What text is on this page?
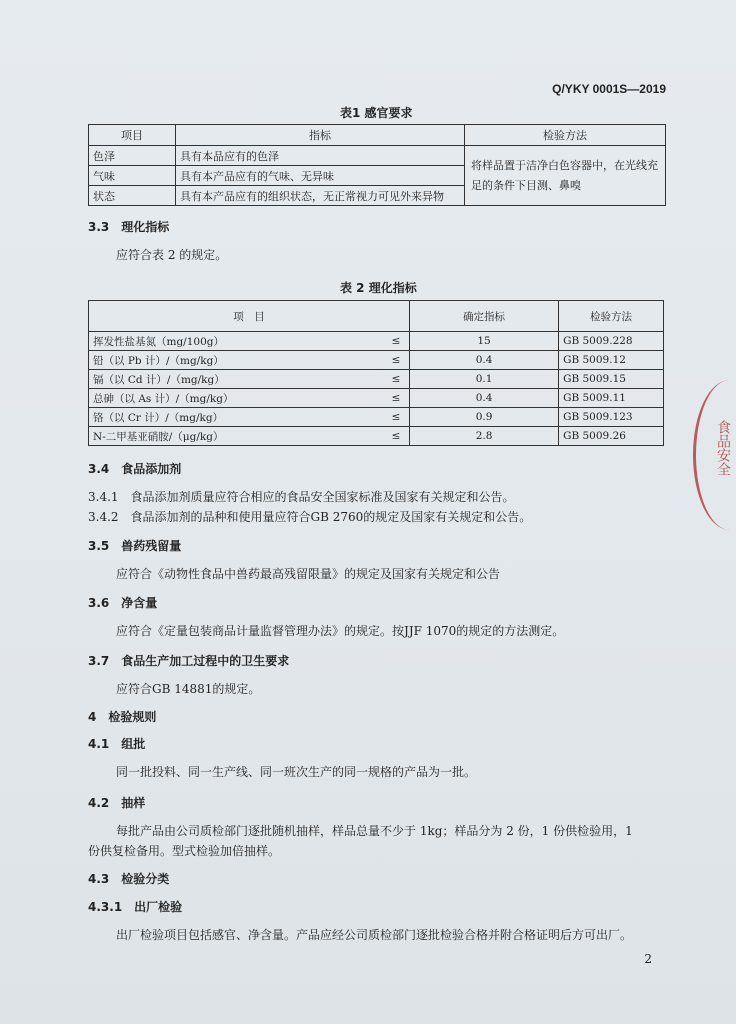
Q/YKY 0001S—2019
表1 感官要求
项目	指标	检验方法
色泽	具有本品应有的色泽	将样品置于洁净白色容器中，在光线充足的条件下目测、鼻嗅
气味	具有本产品应有的气味、无异味	
状态	具有本产品应有的组织状态，无正常视力可见外来异物	
3.3　理化指标
应符合表 2 的规定。
表 2 理化指标
项　目		确定指标	检验方法
挥发性盐基氮（mg/100g）	≤	15	GB 5009.228
铅（以 Pb 计）/（mg/kg）	≤	0.4	GB 5009.12
镉（以 Cd 计）/（mg/kg）	≤	0.1	GB 5009.15
总砷（以 As 计）/（mg/kg）	≤	0.4	GB 5009.11
铬（以 Cr 计）/（mg/kg）	≤	0.9	GB 5009.123
N-二甲基亚硝胺/（μg/kg）	≤	2.8	GB 5009.26
3.4　食品添加剂
3.4.1　食品添加剂质量应符合相应的食品安全国家标准及国家有关规定和公告。
3.4.2　食品添加剂的品种和使用量应符合GB 2760的规定及国家有关规定和公告。
3.5　兽药残留量
应符合《动物性食品中兽药最高残留限量》的规定及国家有关规定和公告
3.6　净含量
应符合《定量包装商品计量监督管理办法》的规定。按JJF 1070的规定的方法测定。
3.7　食品生产加工过程中的卫生要求
应符合GB 14881的规定。
4　检验规则
4.1　组批
同一批投料、同一生产线、同一班次生产的同一规格的产品为一批。
4.2　抽样
每批产品由公司质检部门逐批随机抽样，样品总量不少于 1kg；样品分为 2 份，1 份供检验用，1
份供复检备用。型式检验加倍抽样。
4.3　检验分类
4.3.1　出厂检验
出厂检验项目包括感官、净含量。产品应经公司质检部门逐批检验合格并附合格证明后方可出厂。
2
食品安全
